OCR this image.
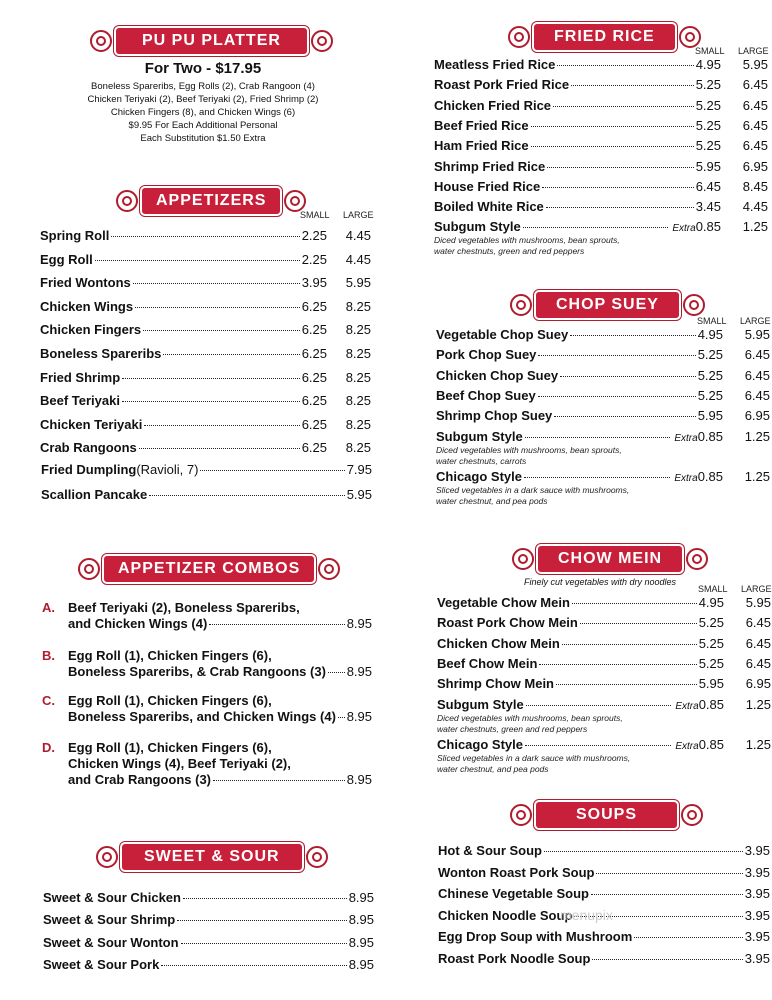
PU PU PLATTER
For Two - $17.95
Boneless Spareribs, Egg Rolls (2), Crab Rangoon (4)
Chicken Teriyaki (2), Beef Teriyaki (2), Fried Shrimp (2)
Chicken Fingers (8), and Chicken Wings (6)
$9.95 For Each Additional Personal
Each Substitution $1.50 Extra
APPETIZERS
SMALL LARGE
Spring Roll	2.25	4.45
Egg Roll	2.25	4.45
Fried Wontons	3.95	5.95
Chicken Wings	6.25	8.25
Chicken Fingers	6.25	8.25
Boneless Spareribs	6.25	8.25
Fried Shrimp	6.25	8.25
Beef Teriyaki	6.25	8.25
Chicken Teriyaki	6.25	8.25
Crab Rangoons	6.25	8.25
Fried Dumpling (Ravioli, 7)	7.95
Scallion Pancake	5.95
APPETIZER COMBOS
A. Beef Teriyaki (2), Boneless Spareribs,
and Chicken Wings (4)	8.95
B. Egg Roll (1), Chicken Fingers (6),
Boneless Spareribs, & Crab Rangoons (3) 8.95
C. Egg Roll (1), Chicken Fingers (6),
Boneless Spareribs, and Chicken Wings (4) 8.95
D. Egg Roll (1), Chicken Fingers (6),
Chicken Wings (4), Beef Teriyaki (2),
and Crab Rangoons (3)	8.95
SWEET & SOUR
Sweet & Sour Chicken	8.95
Sweet & Sour Shrimp	8.95
Sweet & Sour Wonton	8.95
Sweet & Sour Pork	8.95
FRIED RICE
SMALL LARGE
Meatless Fried Rice	4.95	5.95
Roast Pork Fried Rice	5.25	6.45
Chicken Fried Rice	5.25	6.45
Beef Fried Rice	5.25	6.45
Ham Fried Rice	5.25	6.45
Shrimp Fried Rice	5.95	6.95
House Fried Rice	6.45	8.45
Boiled White Rice	3.45	4.45
Subgum Style	Extra 0.85	1.25
Diced vegetables with mushrooms, bean sprouts,
water chestnuts, green and red peppers
CHOP SUEY
SMALL LARGE
Vegetable Chop Suey	4.95	5.95
Pork Chop Suey	5.25	6.45
Chicken Chop Suey	5.25	6.45
Beef Chop Suey	5.25	6.45
Shrimp Chop Suey	5.95	6.95
Subgum Style	Extra 0.85	1.25
Diced vegetables with mushrooms, bean sprouts,
water chestnuts, carrots
Chicago Style	Extra 0.85	1.25
Sliced vegetables in a dark sauce with mushrooms,
water chestnut, and pea pods
CHOW MEIN
Finely cut vegetables with dry noodles
SMALL LARGE
Vegetable Chow Mein	4.95	5.95
Roast Pork Chow Mein	5.25	6.45
Chicken Chow Mein	5.25	6.45
Beef Chow Mein	5.25	6.45
Shrimp Chow Mein	5.95	6.95
Subgum Style	Extra 0.85	1.25
Diced vegetables with mushrooms, bean sprouts,
water chestnuts, green and red peppers
Chicago Style	Extra 0.85	1.25
Sliced vegetables in a dark sauce with mushrooms,
water chestnut, and pea pods
SOUPS
Hot & Sour Soup	3.95
Wonton Roast Pork Soup	3.95
Chinese Vegetable Soup	3.95
Chicken Noodle Soup	3.95
Egg Drop Soup with Mushroom	3.95
Roast Pork Noodle Soup	3.95
menupix
